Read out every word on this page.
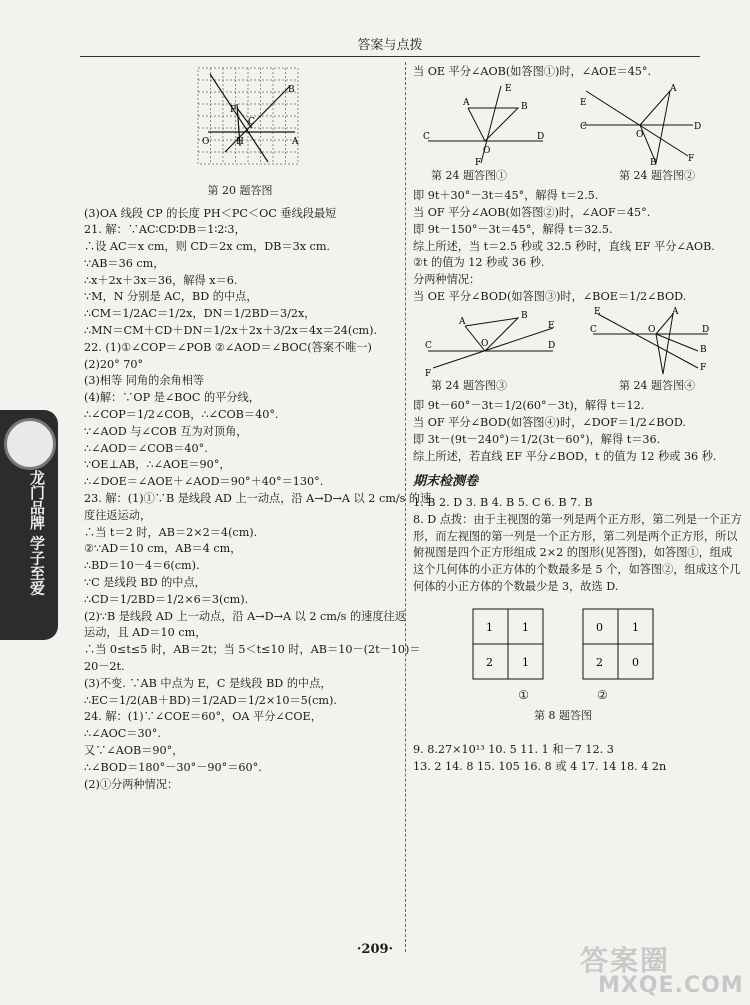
答案与点拨
龙门品牌 学子至爱
O	H
C
P
B
A
第 20 题答图

(3)OA 线段 CP 的长度 PH＜PC＜OC 垂线段最短

21. 解：∵AC∶CD∶DB＝1∶2∶3，

∴设 AC＝x cm，则 CD＝2x cm，DB＝3x cm.

∵AB＝36 cm，

∴x＋2x＋3x＝36，解得 x＝6.

∵M，N 分别是 AC，BD 的中点，

∴CM＝1/2AC＝1/2x，DN＝1/2BD＝3/2x，

∴MN＝CM＋CD＋DN＝1/2x＋2x＋3/2x＝4x＝24(cm).

22. (1)①∠COP＝∠POB ②∠AOD＝∠BOC(答案不唯一)

(2)20° 70°

(3)相等 同角的余角相等

(4)解：∵OP 是∠BOC 的平分线，

∴∠COP＝1/2∠COB，∴∠COB＝40°.

∵∠AOD 与∠COB 互为对顶角，

∴∠AOD＝∠COB＝40°.

∵OE⊥AB，∴∠AOE＝90°，

∴∠DOE＝∠AOE＋∠AOD＝90°＋40°＝130°.

23. 解：(1)①∵B 是线段 AD 上一动点，沿 A→D→A 以 2 cm/s 的速

度往返运动，

∴当 t＝2 时，AB＝2×2＝4(cm).

②∵AD＝10 cm，AB＝4 cm，

∴BD＝10－4＝6(cm).

∵C 是线段 BD 的中点，

∴CD＝1/2BD＝1/2×6＝3(cm).

(2)∵B 是线段 AD 上一动点，沿 A→D→A 以 2 cm/s 的速度往返

运动，且 AD＝10 cm，

∴当 0≤t≤5 时，AB＝2t；当 5＜t≤10 时，AB＝10－(2t－10)＝

20－2t.

(3)不变. ∵AB 中点为 E，C 是线段 BD 的中点，

∴EC＝1/2(AB＋BD)＝1/2AD＝1/2×10＝5(cm).

24. 解：(1)∵∠COE＝60°，OA 平分∠COE，

∴∠AOC＝30°.

又∵∠AOB＝90°，

∴∠BOD＝180°－30°－90°＝60°.

(2)①分两种情况：

当 OE 平分∠AOB(如答图①)时，∠AOE＝45°.

A
E
B
C
O
D
F
E
A
O
D
C
F
B
第 24 题答图①	第 24 题答图②

即 9t＋30°－3t＝45°，解得 t＝2.5.

当 OF 平分∠AOB(如答图②)时，∠AOF＝45°.

即 9t－150°－3t＝45°，解得 t＝32.5.

综上所述，当 t＝2.5 秒或 32.5 秒时，直线 EF 平分∠AOB.

②t 的值为 12 秒或 36 秒.

分两种情况：

当 OE 平分∠BOD(如答图③)时，∠BOE＝1/2∠BOD.

A
B
O
E
C	D
F
E	A
C	O	D
B
F
第 24 题答图③	第 24 题答图④

即 9t－60°－3t＝1/2(60°－3t)，解得 t＝12.

当 OF 平分∠BOD(如答图④)时，∠DOF＝1/2∠BOD.

即 3t－(9t－240°)＝1/2(3t－60°)，解得 t＝36.

综上所述，若直线 EF 平分∠BOD，t 的值为 12 秒或 36 秒.

期末检测卷

1. B 2. D 3. B 4. B 5. C 6. B 7. B

8. D 点拨：由于主视图的第一列是两个正方形，第二列是一个正方

形，而左视图的第一列是一个正方形，第二列是两个正方形，所以

俯视图是四个正方形组成 2×2 的图形(见答图)，如答图①，组成

这个几何体的小正方体的个数最多是 5 个，如答图②，组成这个几

何体的小正方体的个数最少是 3，故选 D.

1	1
2	1
0	1
2	0
①	②
第 8 题答图

9. 8.27×10¹³ 10. 5 11. 1 和－7 12. 3

13. 2 14. 8 15. 105 16. 8 或 4 17. 14 18. 4 2n

·209·	答案圈
MXQE.COM
